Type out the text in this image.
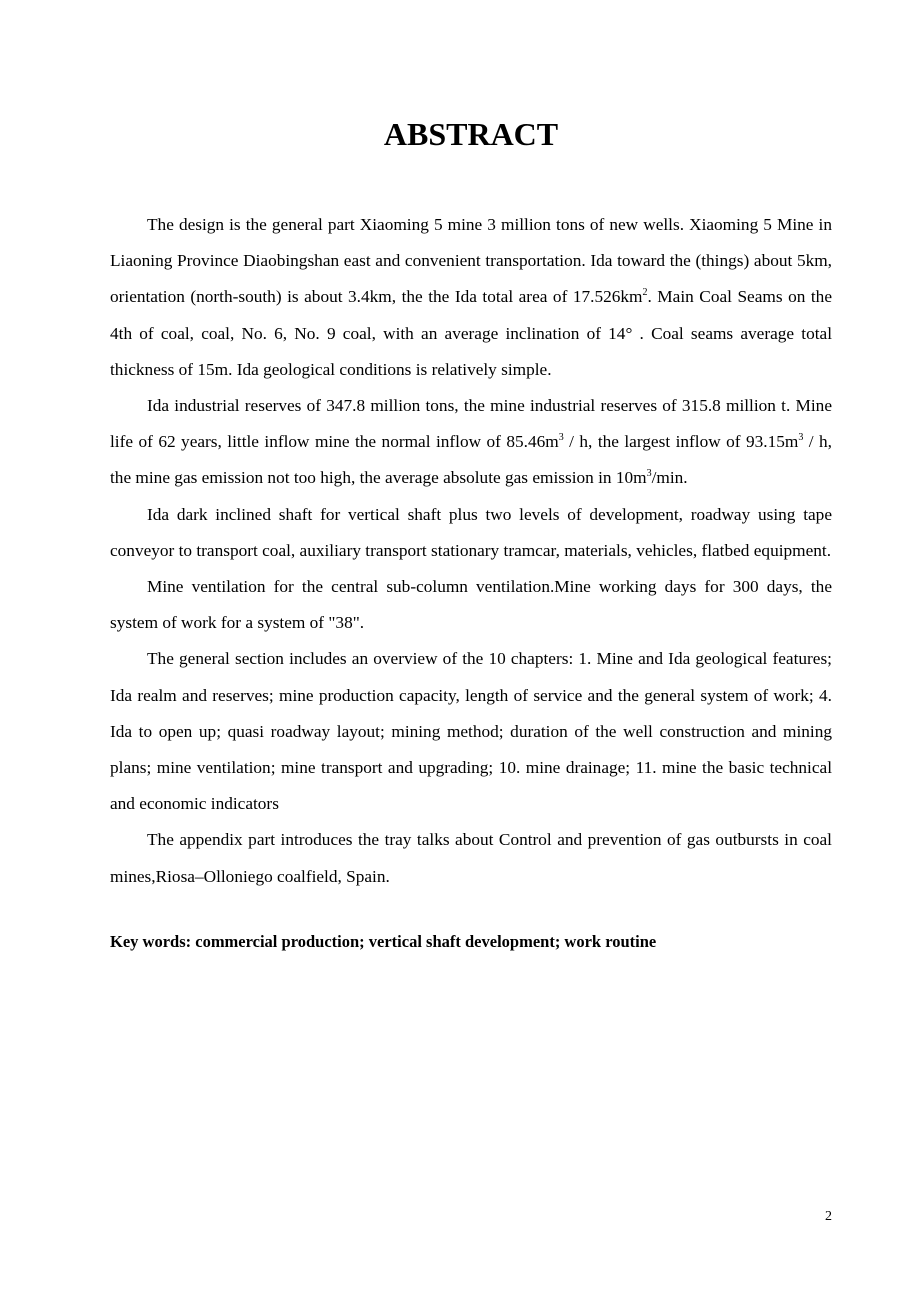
ABSTRACT

The design is the general part Xiaoming 5 mine 3 million tons of new wells. Xiaoming 5 Mine in Liaoning Province Diaobingshan east and convenient transportation. Ida toward the (things) about 5km, orientation (north-south) is about 3.4km, the the Ida total area of $17.526km^2$. Main Coal Seams on the 4th of coal, coal, No. 6, No. 9 coal, with an average inclination of 14° . Coal seams average total thickness of 15m. Ida geological conditions is relatively simple.

Ida industrial reserves of 347.8 million tons, the mine industrial reserves of 315.8 million t. Mine life of 62 years, little inflow mine the normal inflow of $85.46m^3$ / h, the largest inflow of $93.15m^3$ / h, the mine gas emission not too high, the average absolute gas emission in $10m^3/\min$.

Ida dark inclined shaft for vertical shaft plus two levels of development, roadway using tape conveyor to transport coal, auxiliary transport stationary tramcar, materials, vehicles, flatbed equipment.

Mine ventilation for the central sub-column ventilation.Mine working days for 300 days, the system of work for a system of "38".

The general section includes an overview of the 10 chapters: 1. Mine and Ida geological features; Ida realm and reserves; mine production capacity, length of service and the general system of work; 4. Ida to open up; quasi roadway layout; mining method; duration of the well construction and mining plans; mine ventilation; mine transport and upgrading; 10. mine drainage; 11. mine the basic technical and economic indicators

The appendix part introduces the tray talks about Control and prevention of gas outbursts in coal mines,Riosa–Olloniego coalfield, Spain.

Key words: commercial production; vertical shaft development; work routine
2
